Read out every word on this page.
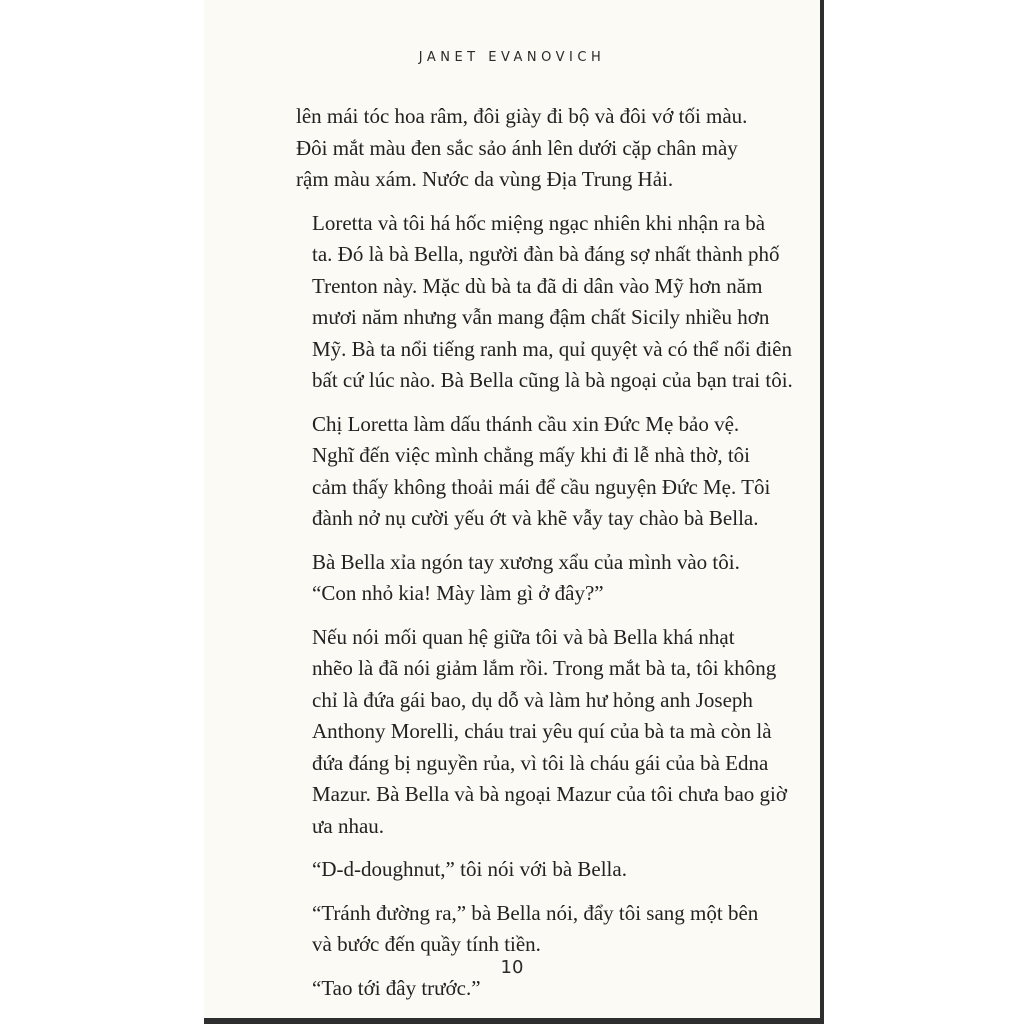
JANET EVANOVICH

lên mái tóc hoa râm, đôi giày đi bộ và đôi vớ tối màu.
Đôi mắt màu đen sắc sảo ánh lên dưới cặp chân mày
rậm màu xám. Nước da vùng Địa Trung Hải.

Loretta và tôi há hốc miệng ngạc nhiên khi nhận ra bà
ta. Đó là bà Bella, người đàn bà đáng sợ nhất thành phố
Trenton này. Mặc dù bà ta đã di dân vào Mỹ hơn năm
mươi năm nhưng vẫn mang đậm chất Sicily nhiều hơn
Mỹ. Bà ta nổi tiếng ranh ma, quỉ quyệt và có thể nổi điên
bất cứ lúc nào. Bà Bella cũng là bà ngoại của bạn trai tôi.

Chị Loretta làm dấu thánh cầu xin Đức Mẹ bảo vệ.
Nghĩ đến việc mình chẳng mấy khi đi lễ nhà thờ, tôi
cảm thấy không thoải mái để cầu nguyện Đức Mẹ. Tôi
đành nở nụ cười yếu ớt và khẽ vẫy tay chào bà Bella.

Bà Bella xỉa ngón tay xương xẩu của mình vào tôi.
“Con nhỏ kia! Mày làm gì ở đây?”

Nếu nói mối quan hệ giữa tôi và bà Bella khá nhạt
nhẽo là đã nói giảm lắm rồi. Trong mắt bà ta, tôi không
chỉ là đứa gái bao, dụ dỗ và làm hư hỏng anh Joseph
Anthony Morelli, cháu trai yêu quí của bà ta mà còn là
đứa đáng bị nguyền rủa, vì tôi là cháu gái của bà Edna
Mazur. Bà Bella và bà ngoại Mazur của tôi chưa bao giờ
ưa nhau.

“D-d-doughnut,” tôi nói với bà Bella.

“Tránh đường ra,” bà Bella nói, đẩy tôi sang một bên
và bước đến quầy tính tiền.

“Tao tới đây trước.”

10
